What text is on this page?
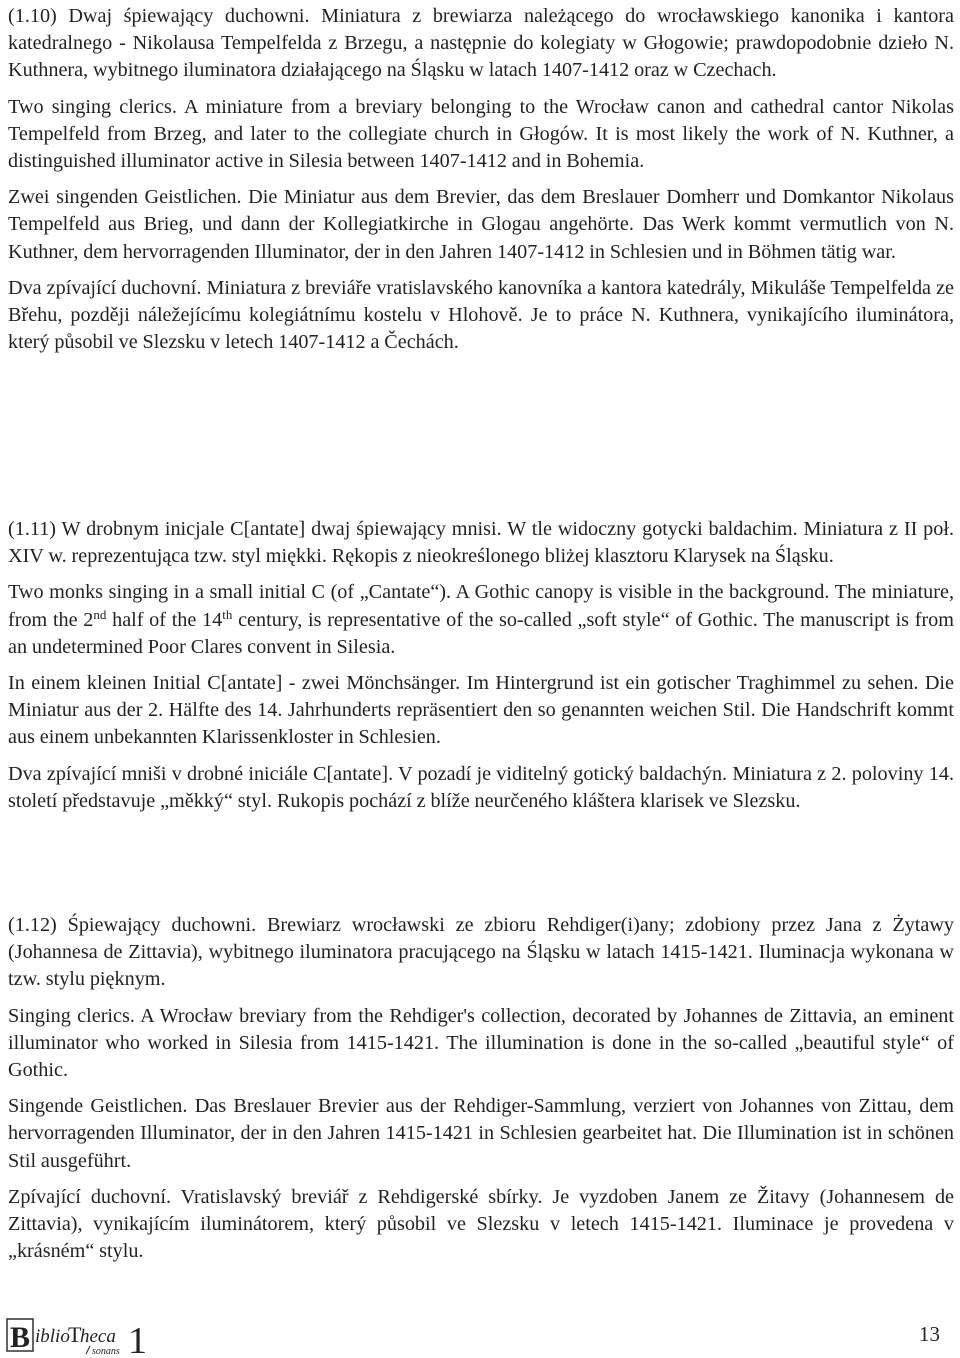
(1.10) Dwaj śpiewający duchowni. Miniatura z brewiarza należącego do wrocławskiego kanonika i kantora katedralnego - Nikolausa Tempelfelda z Brzegu, a następnie do kolegiaty w Głogowie; prawdopodobnie dzieło N. Kuthnera, wybitnego iluminatora działającego na Śląsku w latach 1407-1412 oraz w Czechach.

Two singing clerics. A miniature from a breviary belonging to the Wrocław canon and cathedral cantor Nikolas Tempelfeld from Brzeg, and later to the collegiate church in Głogów. It is most likely the work of N. Kuthner, a distinguished illuminator active in Silesia between 1407-1412 and in Bohemia.

Zwei singenden Geistlichen. Die Miniatur aus dem Brevier, das dem Breslauer Domherr und Domkantor Nikolaus Tempelfeld aus Brieg, und dann der Kollegiatkirche in Glogau angehörte. Das Werk kommt vermutlich von N. Kuthner, dem hervorragenden Illuminator, der in den Jahren 1407-1412 in Schlesien und in Böhmen tätig war.

Dva zpívající duchovní. Miniatura z breviáře vratislavského kanovníka a kantora katedrály, Mikuláše Tempelfelda ze Břehu, později náležejícímu kolegiátnímu kostelu v Hlohově. Je to práce N. Kuthnera, vynikajícího iluminátora, který působil ve Slezsku v letech 1407-1412 a Čechách.

(1.11) W drobnym inicjale C[antate] dwaj śpiewający mnisi. W tle widoczny gotycki baldachim. Miniatura z II poł. XIV w. reprezentująca tzw. styl miękki. Rękopis z nieokreślonego bliżej klasztoru Klarysek na Śląsku.

Two monks singing in a small initial C (of „Cantate“). A Gothic canopy is visible in the background. The miniature, from the 2nd half of the 14th century, is representative of the so-called „soft style“ of Gothic. The manuscript is from an undetermined Poor Clares convent in Silesia.

In einem kleinen Initial C[antate] - zwei Mönchsänger. Im Hintergrund ist ein gotischer Traghimmel zu sehen. Die Miniatur aus der 2. Hälfte des 14. Jahrhunderts repräsentiert den so genannten weichen Stil. Die Handschrift kommt aus einem unbekannten Klarissenkloster in Schlesien.

Dva zpívající mniši v drobné iniciále C[antate]. V pozadí je viditelný gotický baldachýn. Miniatura z 2. poloviny 14. století představuje „měkký“ styl. Rukopis pochází z blíže neurčeného kláštera klarisek ve Slezsku.

(1.12) Śpiewający duchowni. Brewiarz wrocławski ze zbioru Rehdiger(i)any; zdobiony przez Jana z Żytawy (Johannesa de Zittavia), wybitnego iluminatora pracującego na Śląsku w latach 1415-1421. Iluminacja wykonana w tzw. stylu pięknym.

Singing clerics. A Wrocław breviary from the Rehdiger's collection, decorated by Johannes de Zittavia, an eminent illuminator who worked in Silesia from 1415-1421. The illumination is done in the so-called „beautiful style“ of Gothic.

Singende Geistlichen. Das Breslauer Brevier aus der Rehdiger-Sammlung, verziert von Johannes von Zittau, dem hervorragenden Illuminator, der in den Jahren 1415-1421 in Schlesien gearbeitet hat. Die Illumination ist in schönen Stil ausgeführt.

Zpívající duchovní. Vratislavský breviář z Rehdigerské sbírky. Je vyzdoben Janem ze Žitavy (Johannesem de Zittavia), vynikajícím iluminátorem, který působil ve Slezsku v letech 1415-1421. Iluminace je provedena v „krásném“ stylu.

B iblio
T
heca
sonans 1	13
